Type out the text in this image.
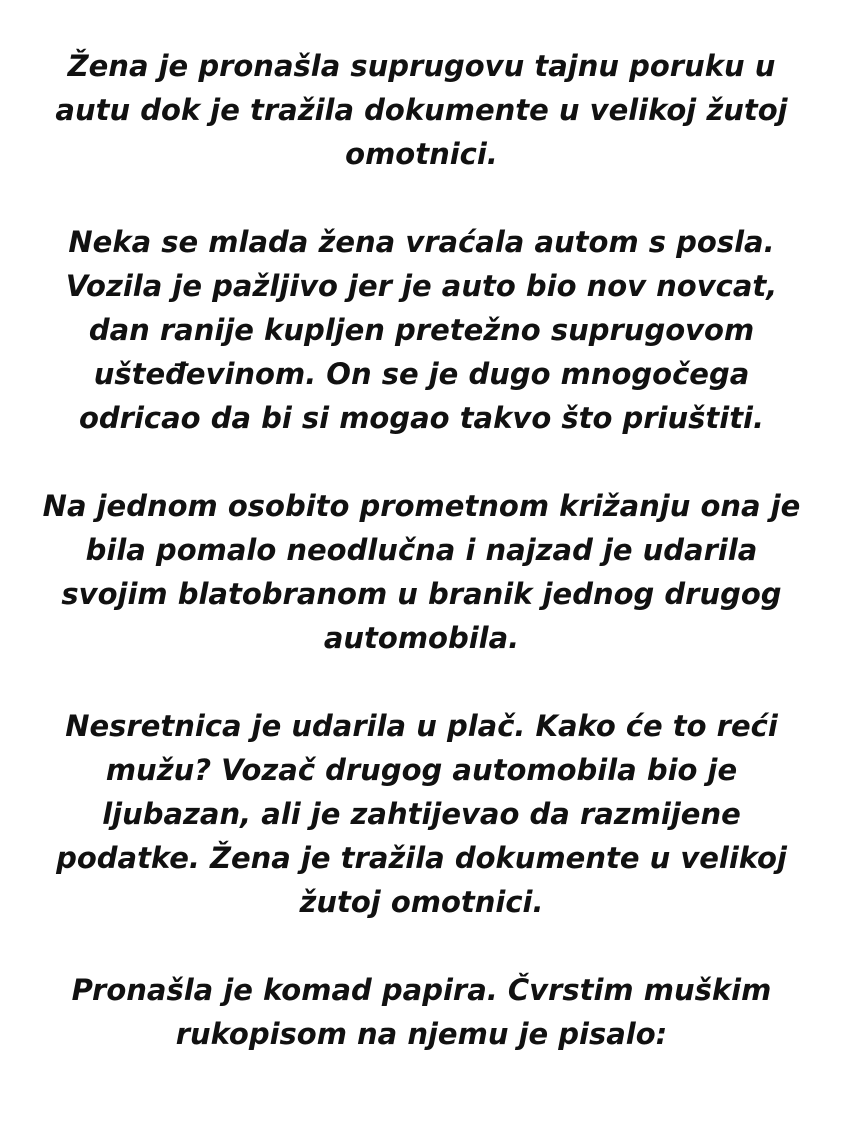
Žena je pronašla suprugovu tajnu poruku u
autu dok je tražila dokumente u velikoj žutoj
omotnici.

Neka se mlada žena vraćala autom s posla.
Vozila je pažljivo jer je auto bio nov novcat,
dan ranije kupljen pretežno suprugovom
ušteđevinom. On se je dugo mnogočega
odricao da bi si mogao takvo što priuštiti.

Na jednom osobito prometnom križanju ona je
bila pomalo neodlučna i najzad je udarila
svojim blatobranom u branik jednog drugog
automobila.

Nesretnica je udarila u plač. Kako će to reći
mužu? Vozač drugog automobila bio je
ljubazan, ali je zahtijevao da razmijene
podatke. Žena je tražila dokumente u velikoj
žutoj omotnici.

Pronašla je komad papira. Čvrstim muškim
rukopisom na njemu je pisalo:
